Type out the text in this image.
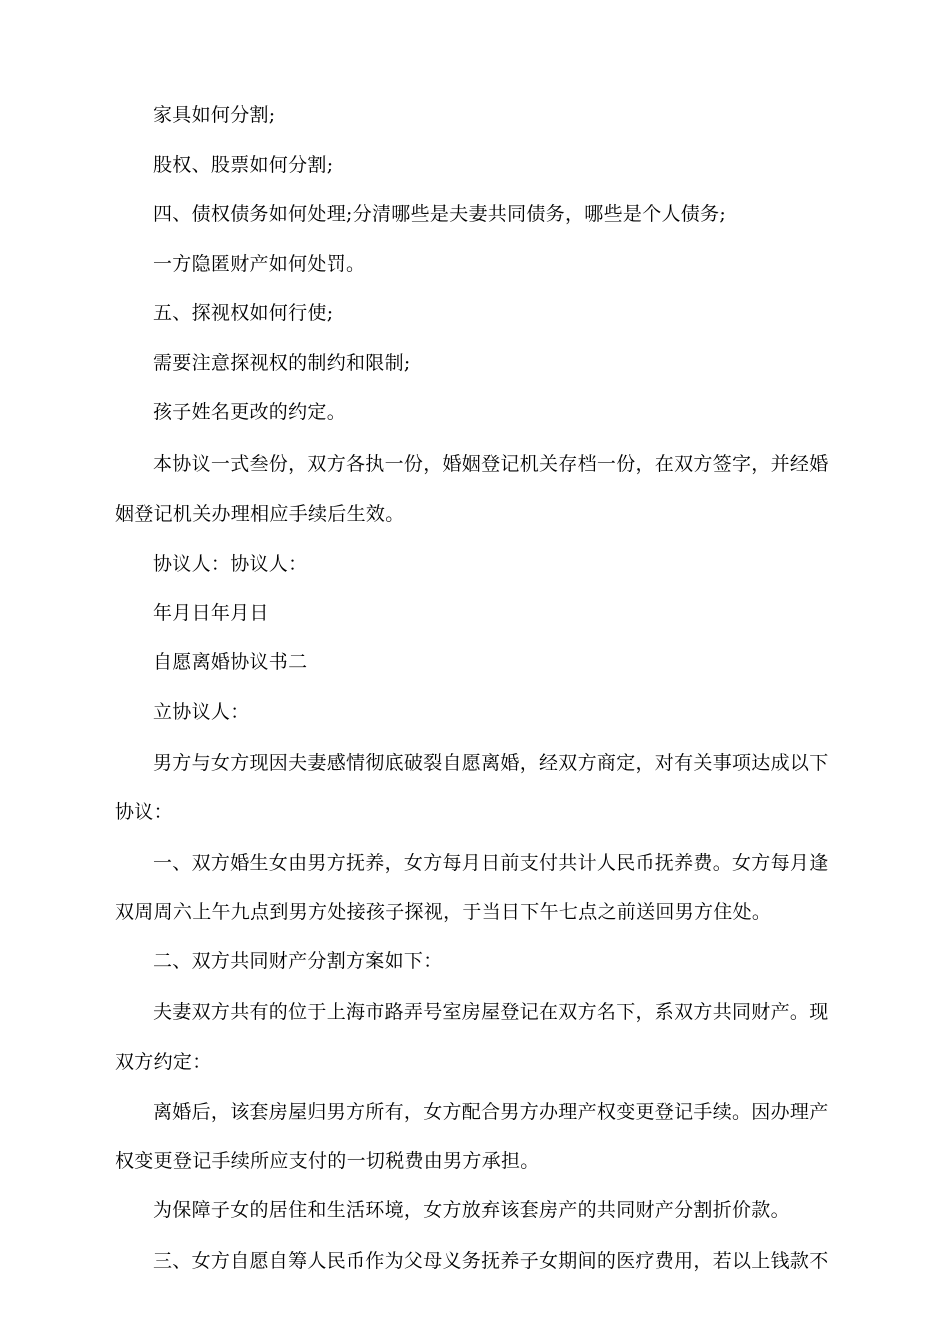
家具如何分割;
股权、股票如何分割;
四、债权债务如何处理;分清哪些是夫妻共同债务，哪些是个人债务;
一方隐匿财产如何处罚。
五、探视权如何行使;
需要注意探视权的制约和限制;
孩子姓名更改的约定。
本协议一式叁份，双方各执一份，婚姻登记机关存档一份，在双方签字，并经婚
姻登记机关办理相应手续后生效。
协议人：协议人：
年月日年月日
自愿离婚协议书二
立协议人：
男方与女方现因夫妻感情彻底破裂自愿离婚，经双方商定，对有关事项达成以下
协议：
一、双方婚生女由男方抚养，女方每月日前支付共计人民币抚养费。女方每月逢
双周周六上午九点到男方处接孩子探视，于当日下午七点之前送回男方住处。
二、双方共同财产分割方案如下：
夫妻双方共有的位于上海市路弄号室房屋登记在双方名下，系双方共同财产。现
双方约定：
离婚后，该套房屋归男方所有，女方配合男方办理产权变更登记手续。因办理产
权变更登记手续所应支付的一切税费由男方承担。
为保障子女的居住和生活环境，女方放弃该套房产的共同财产分割折价款。
三、女方自愿自筹人民币作为父母义务抚养子女期间的医疗费用，若以上钱款不
